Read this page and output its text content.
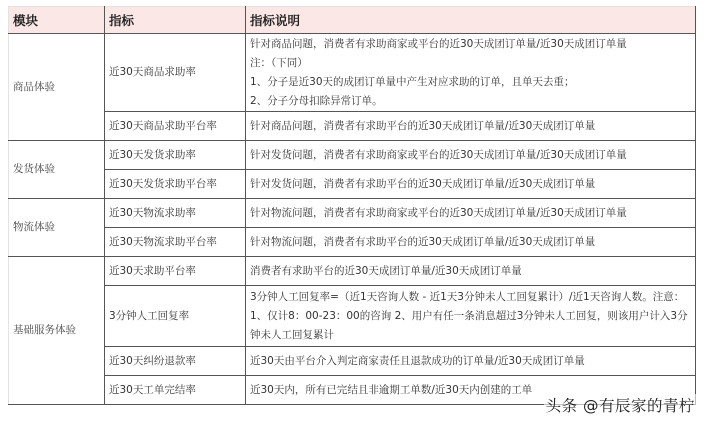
模块	指标	指标说明
商品体验	近30天商品求助率	针对商品问题，消费者有求助商家或平台的近30天成团订单量/近30天成团订单量

注：（下同）

1、分子是近30天的成团订单量中产生对应求助的订单，且单天去重；

2、分子分母扣除异常订单。

	近30天商品求助平台率	针对商品问题，消费者有求助平台的近30天成团订单量/近30天成团订单量
发货体验	近30天发货求助率	针对发货问题，消费者有求助商家或平台的近30天成团订单量/近30天成团订单量
	近30天发货求助平台率	针对发货问题，消费者有求助平台的近30天成团订单量/近30天成团订单量
物流体验	近30天物流求助率	针对物流问题，消费者有求助商家或平台的近30天成团订单量/近30天成团订单量
	近30天物流求助平台率	针对物流问题，消费者有求助平台的近30天成团订单量/近30天成团订单量
基础服务体验	近30天求助平台率	消费者有求助平台的近30天成团订单量/近30天成团订单量
	3分钟人工回复率	3分钟人工回复率=（近1天咨询人数 - 近1天3分钟未人工回复累计）/近1天咨询人数。注意：1、仅计8：00-23：00的咨询 2、用户有任一条消息超过3分钟未人工回复，则该用户计入3分钟未人工回复累计
	近30天纠纷退款率	近30天由平台介入判定商家责任且退款成功的订单量/近30天成团订单量
	近30天工单完结率	近30天内，所有已完结且非逾期工单数/近30天内创建的工单
头条 @有辰家的青柠
